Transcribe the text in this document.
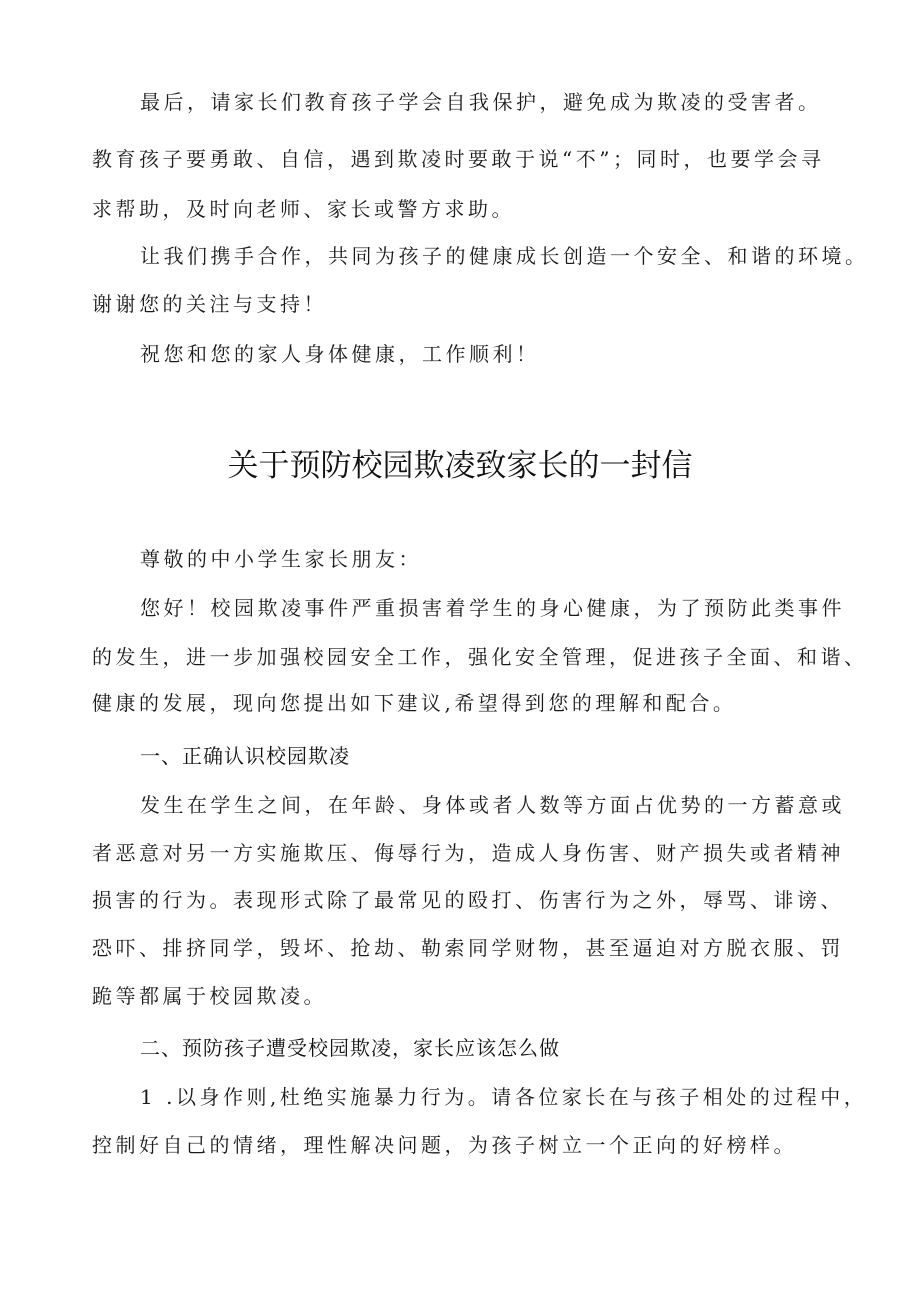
最后，请家长们教育孩子学会自我保护，避免成为欺凌的受害者。
教育孩子要勇敢、自信，遇到欺凌时要敢于说“不”；同时，也要学会寻
求帮助，及时向老师、家长或警方求助。
让我们携手合作，共同为孩子的健康成长创造一个安全、和谐的环境。
谢谢您的关注与支持！
祝您和您的家人身体健康，工作顺利！
关于预防校园欺凌致家长的一封信
尊敬的中小学生家长朋友：
您好！校园欺凌事件严重损害着学生的身心健康，为了预防此类事件
的发生，进一步加强校园安全工作，强化安全管理，促进孩子全面、和谐、
健康的发展，现向您提出如下建议,希望得到您的理解和配合。
一、正确认识校园欺凌
发生在学生之间，在年龄、身体或者人数等方面占优势的一方蓄意或
者恶意对另一方实施欺压、侮辱行为，造成人身伤害、财产损失或者精神
损害的行为。表现形式除了最常见的殴打、伤害行为之外，辱骂、诽谤、
恐吓、排挤同学，毁坏、抢劫、勒索同学财物，甚至逼迫对方脱衣服、罚
跪等都属于校园欺凌。
二、预防孩子遭受校园欺凌，家长应该怎么做
1 .以身作则,杜绝实施暴力行为。请各位家长在与孩子相处的过程中，
控制好自己的情绪，理性解决问题，为孩子树立一个正向的好榜样。
